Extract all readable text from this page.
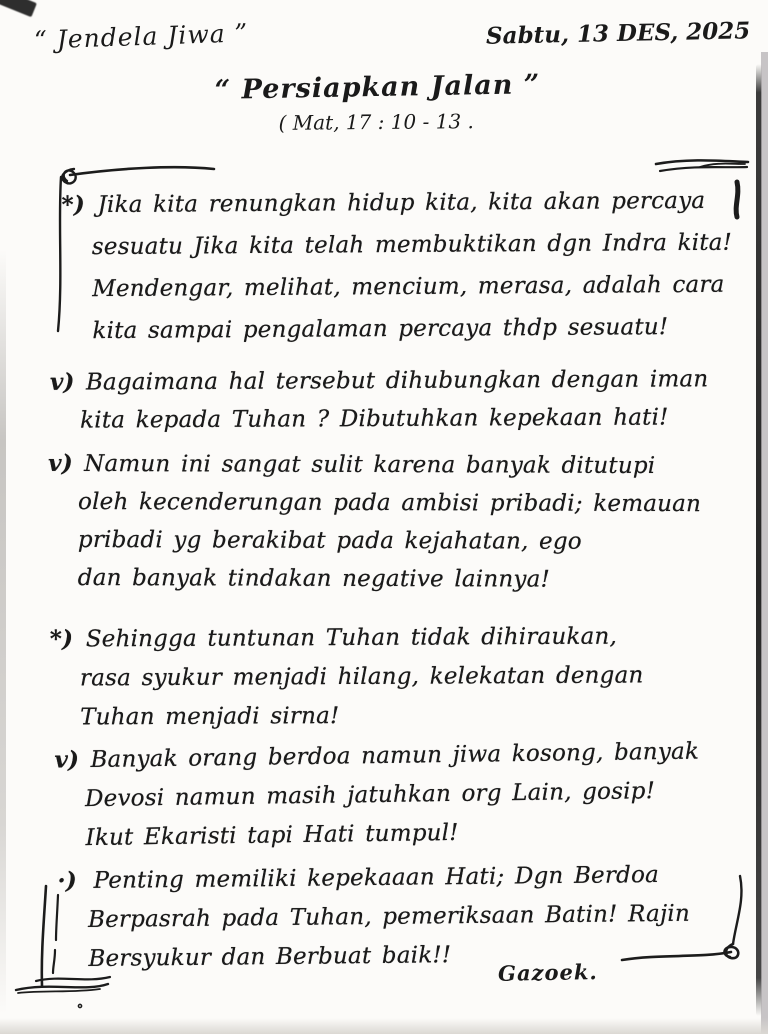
“ Jendela Jiwa ”	Sabtu, 13 DES, 2025
“ Persiapkan Jalan ”
( Mat, 17 : 10 - 13 .
*) Jika kita renungkan hidup kita, kita akan percaya
sesuatu Jika kita telah membuktikan dgn Indra kita!
Mendengar, melihat, mencium, merasa, adalah cara
kita sampai pengalaman percaya thdp sesuatu!
v) Bagaimana hal tersebut dihubungkan dengan iman
kita kepada Tuhan ? Dibutuhkan kepekaan hati!
v) Namun ini sangat sulit karena banyak ditutupi
oleh kecenderungan pada ambisi pribadi; kemauan
pribadi yg berakibat pada kejahatan, ego
dan banyak tindakan negative lainnya!
*) Sehingga tuntunan Tuhan tidak dihiraukan,
rasa syukur menjadi hilang, kelekatan dengan
Tuhan menjadi sirna!
v) Banyak orang berdoa namun jiwa kosong, banyak
Devosi namun masih jatuhkan org Lain, gosip!
Ikut Ekaristi tapi Hati tumpul!
·) Penting memiliki kepekaaan Hati; Dgn Berdoa
Berpasrah pada Tuhan, pemeriksaan Batin! Rajin
Bersyukur dan Berbuat baik!!
Gazoek.
